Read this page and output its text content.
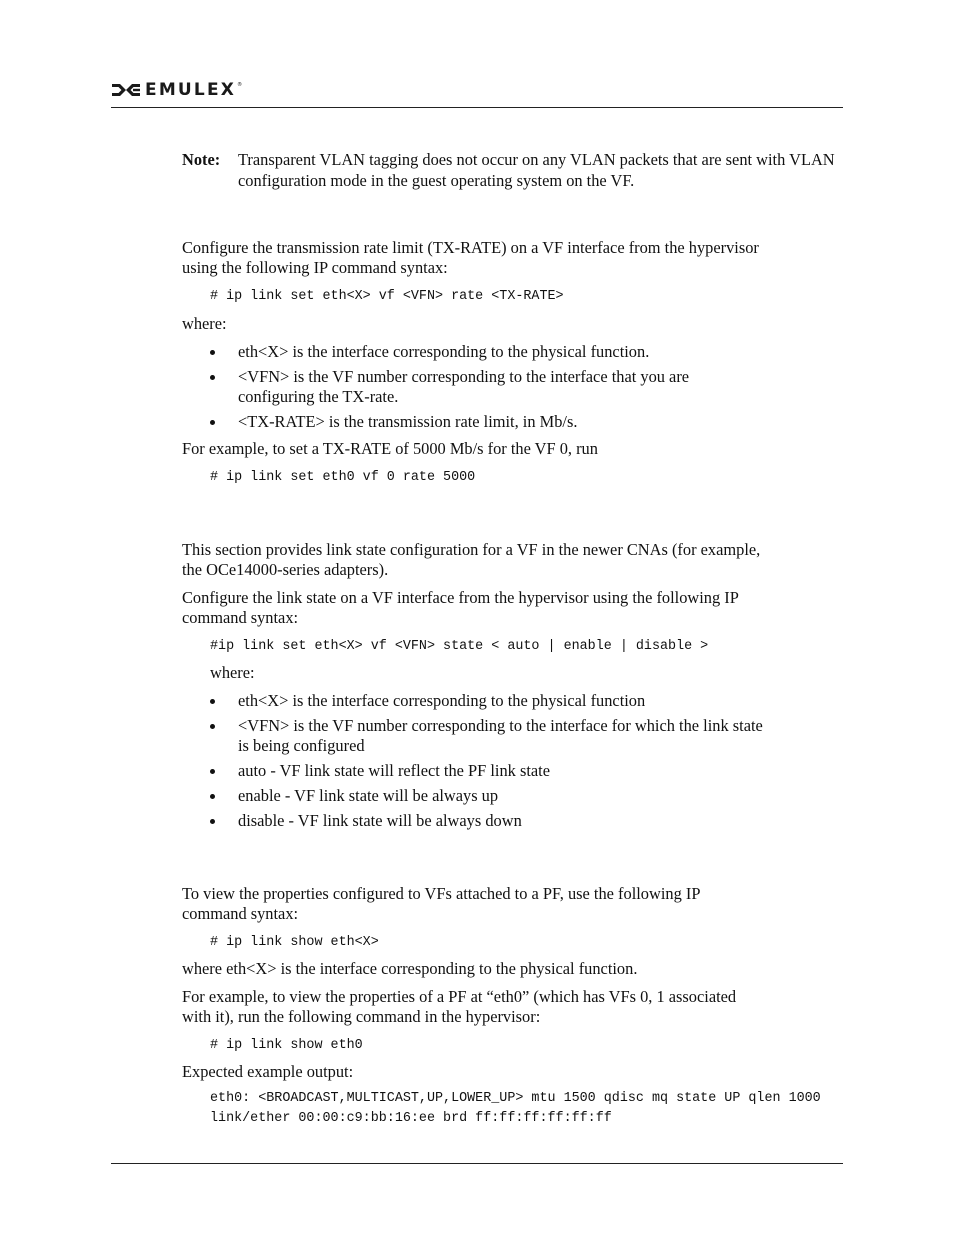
EMULEX ®
Note: Transparent VLAN tagging does not occur on any VLAN packets that are sent with VLAN configuration mode in the guest operating system on the VF.

Configure the transmission rate limit (TX-RATE) on a VF interface from the hypervisor

using the following IP command syntax:

# ip link set eth<X> vf <VFN> rate <TX-RATE>

where:

eth<X> is the interface corresponding to the physical function.
<VFN> is the VF number corresponding to the interface that you are
configuring the TX-rate.
<TX-RATE> is the transmission rate limit, in Mb/s.

For example, to set a TX-RATE of 5000 Mb/s for the VF 0, run

# ip link set eth0 vf 0 rate 5000

This section provides link state configuration for a VF in the newer CNAs (for example,

the OCe14000-series adapters).

Configure the link state on a VF interface from the hypervisor using the following IP

command syntax:

#ip link set eth<X> vf <VFN> state < auto | enable | disable >

where:

eth<X> is the interface corresponding to the physical function
<VFN> is the VF number corresponding to the interface for which the link state
is being configured
auto - VF link state will reflect the PF link state
enable - VF link state will be always up
disable - VF link state will be always down

To view the properties configured to VFs attached to a PF, use the following IP

command syntax:

# ip link show eth<X>

where eth<X> is the interface corresponding to the physical function.

For example, to view the properties of a PF at “eth0” (which has VFs 0, 1 associated

with it), run the following command in the hypervisor:

# ip link show eth0

Expected example output:

eth0: <BROADCAST,MULTICAST,UP,LOWER_UP> mtu 1500 qdisc mq state UP qlen 1000
link/ether 00:00:c9:bb:16:ee brd ff:ff:ff:ff:ff:ff
